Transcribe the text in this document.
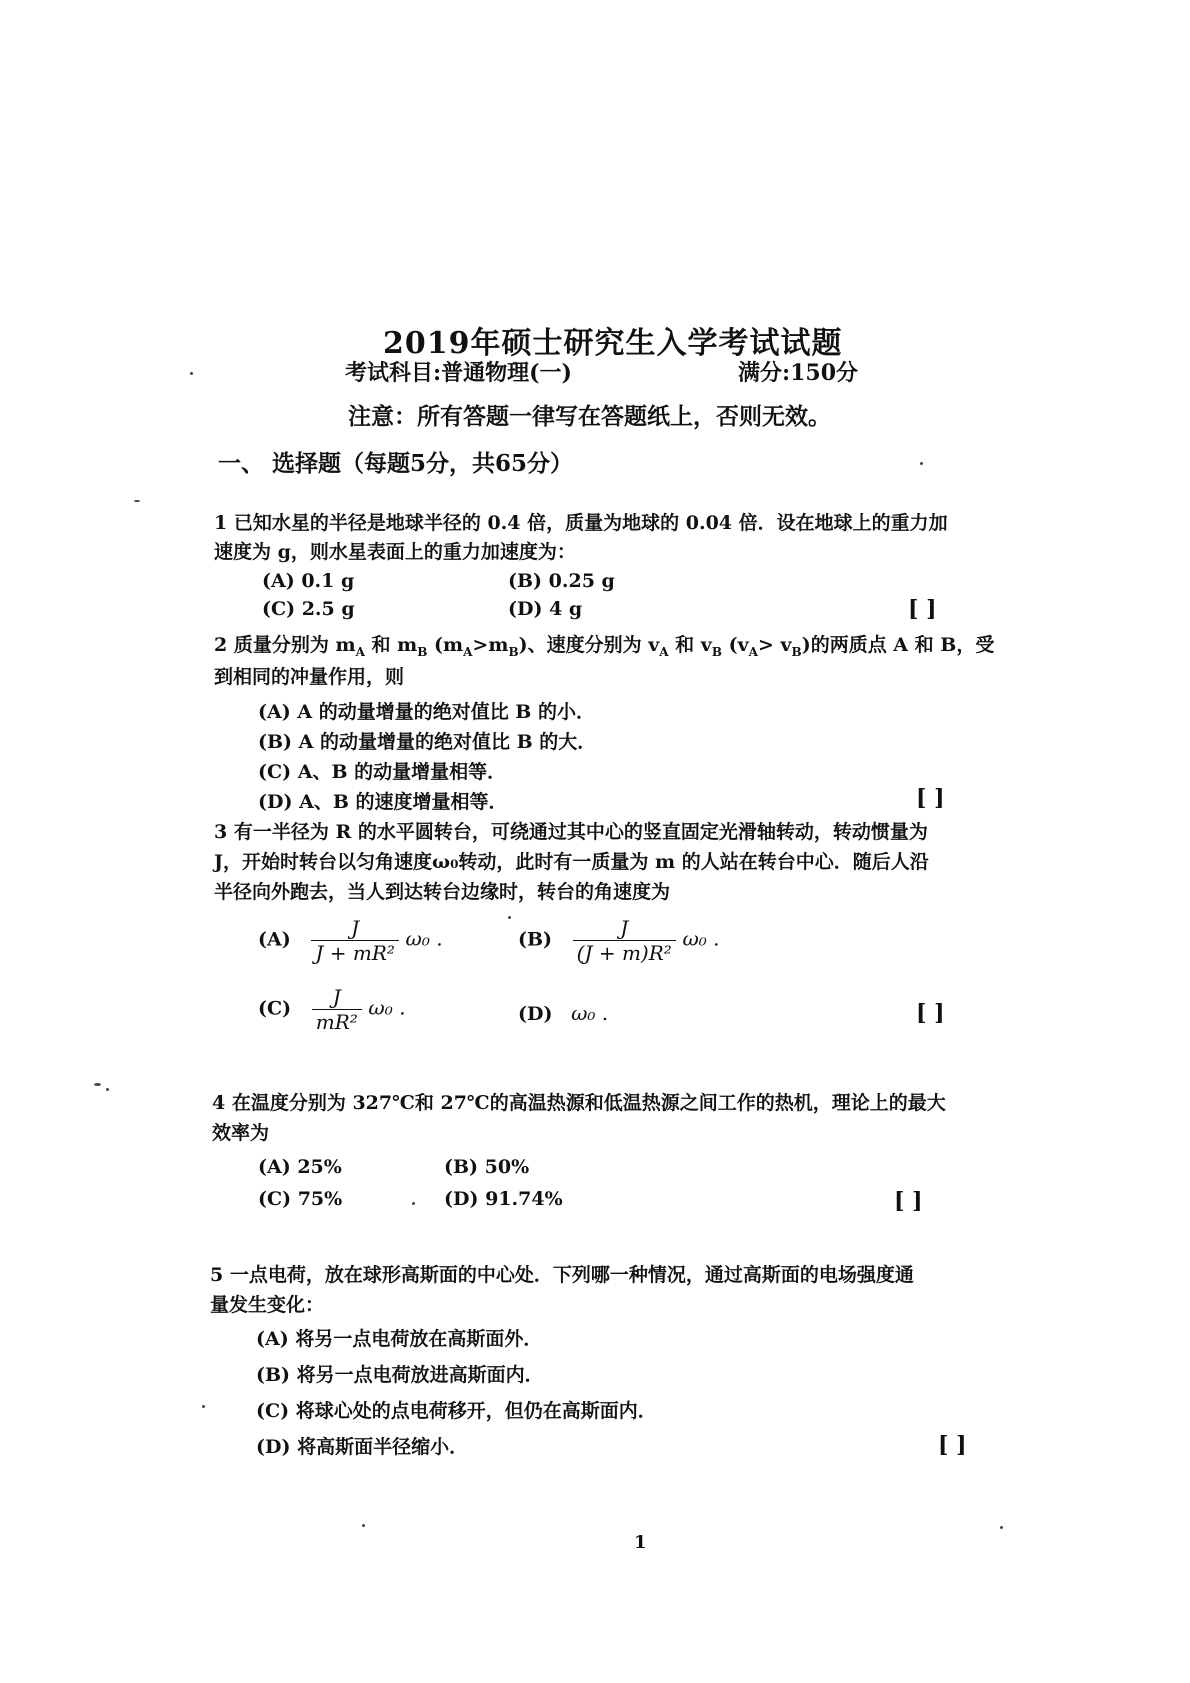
2019年硕士研究生入学考试试题
考试科目:普通物理(一)	满分:150分
注意：所有答题一律写在答题纸上，否则无效。
一、 选择题（每题5分，共65分）
1 已知水星的半径是地球半径的 0.4 倍，质量为地球的 0.04 倍．设在地球上的重力加
速度为 g，则水星表面上的重力加速度为：
(A) 0.1 g	(B) 0.25 g
(C) 2.5 g	(D) 4 g	[ ]
2 质量分别为 $m_A$ 和 $m_B$ $(m_A>m_B)$、速度分别为 $v_A$ 和 $v_B$ $(v_A> v_B)$的两质点 A 和 B，受
到相同的冲量作用，则
(A) A 的动量增量的绝对值比 B 的小．
(B) A 的动量增量的绝对值比 B 的大．
(C) A、B 的动量增量相等．
(D) A、B 的速度增量相等．	[ ]
3 有一半径为 R 的水平圆转台，可绕通过其中心的竖直固定光滑轴转动，转动惯量为
J，开始时转台以匀角速度ω₀转动，此时有一质量为 m 的人站在转台中心．随后人沿
半径向外跑去，当人到达转台边缘时，转台的角速度为
$(A) \frac{J}{\text{J + mR²}} \omega_0$ .	$(B) \frac{J}{\text{(J + m)R²}} \omega_0$ .
$(C) \frac{J}{\text{mR²}} \omega_0$ .	(D) ω₀ .	[ ]
4 在温度分别为 327℃和 27℃的高温热源和低温热源之间工作的热机，理论上的最大
效率为
(A) 25%	(B) 50%
(C) 75%	(D) 91.74%	[ ]
5 一点电荷，放在球形高斯面的中心处．下列哪一种情况，通过高斯面的电场强度通
量发生变化：
(A) 将另一点电荷放在高斯面外．
(B) 将另一点电荷放进高斯面内．
(C) 将球心处的点电荷移开，但仍在高斯面内．
(D) 将高斯面半径缩小．	[ ]
1
